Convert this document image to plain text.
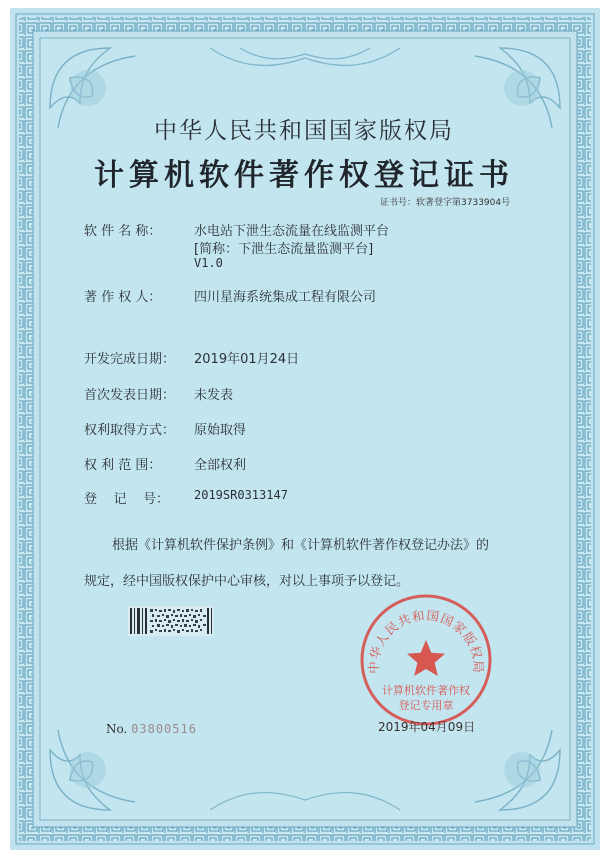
中华人民共和国国家版权局
计算机软件著作权登记证书
证书号：软著登字第3733904号
软 件 名 称：	水电站下泄生态流量在线监测平台
[简称：下泄生态流量监测平台]
V1.0
著 作 权 人：	四川星海系统集成工程有限公司
开发完成日期： 2019年01月24日
首次发表日期： 未发表
权利取得方式： 原始取得
权 利 范 围：	全部权利
登    记    号： 2019SR0313147
根据《计算机软件保护条例》和《计算机软件著作权登记办法》的
规定，经中国版权保护中心审核，对以上事项予以登记。
中华人民共和国国家版权局
计算机软件著作权
登记专用章
No. 03800516	2019年04月09日
